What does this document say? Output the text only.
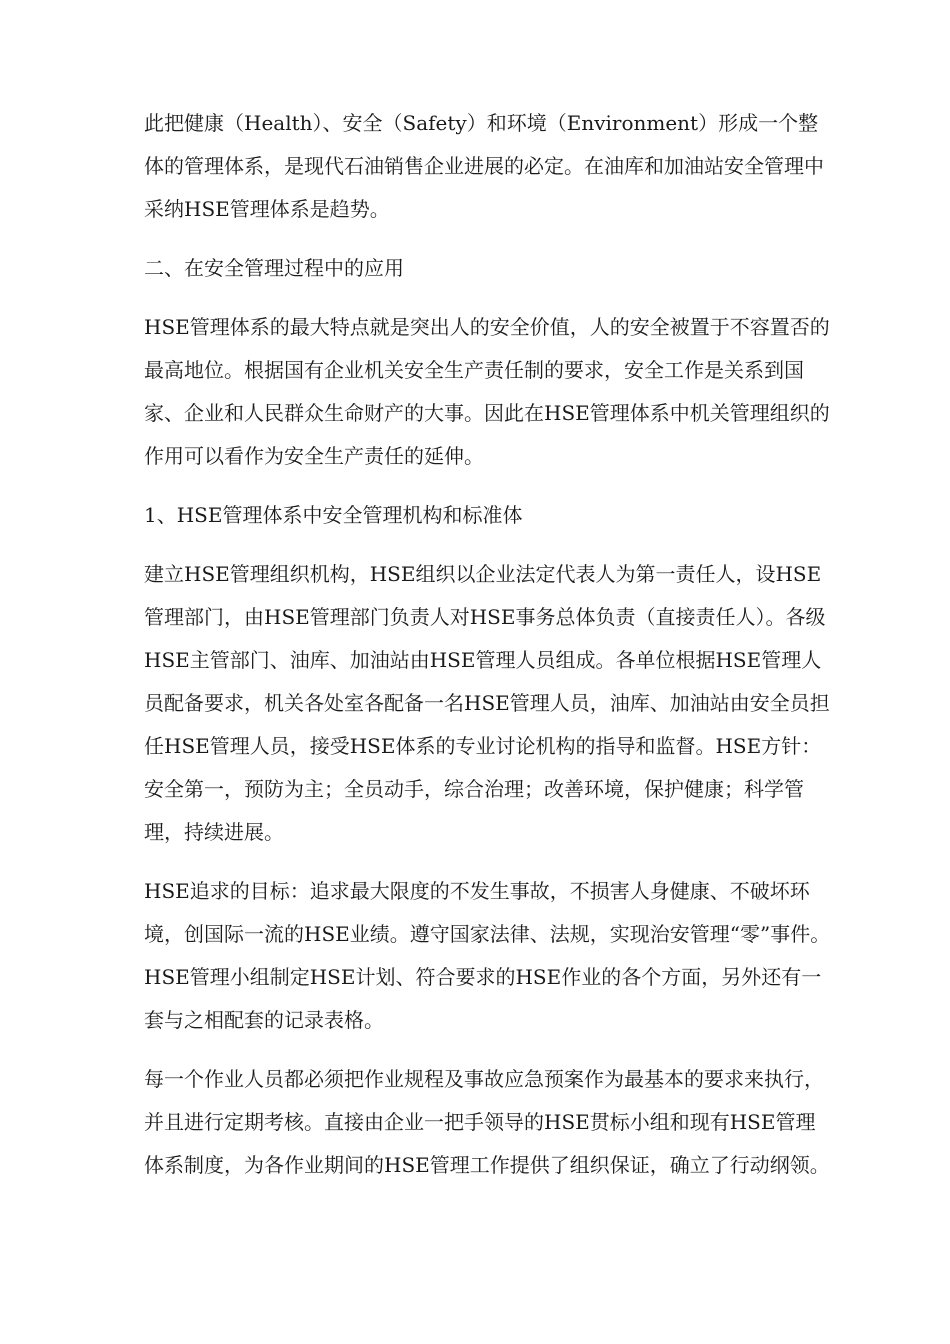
此把健康（Health）、安全（Safety）和环境（Environment）形成一个整体的管理体系，是现代石油销售企业进展的必定。在油库和加油站安全管理中采纳HSE管理体系是趋势。

二、在安全管理过程中的应用

HSE管理体系的最大特点就是突出人的安全价值，人的安全被置于不容置否的最高地位。根据国有企业机关安全生产责任制的要求，安全工作是关系到国家、企业和人民群众生命财产的大事。因此在HSE管理体系中机关管理组织的作用可以看作为安全生产责任的延伸。

1、HSE管理体系中安全管理机构和标准体

建立HSE管理组织机构，HSE组织以企业法定代表人为第一责任人，设HSE管理部门，由HSE管理部门负责人对HSE事务总体负责（直接责任人）。各级HSE主管部门、油库、加油站由HSE管理人员组成。各单位根据HSE管理人员配备要求，机关各处室各配备一名HSE管理人员，油库、加油站由安全员担任HSE管理人员，接受HSE体系的专业讨论机构的指导和监督。HSE方针：安全第一，预防为主；全员动手，综合治理；改善环境，保护健康；科学管理，持续进展。

HSE追求的目标：追求最大限度的不发生事故，不损害人身健康、不破坏环境，创国际一流的HSE业绩。遵守国家法律、法规，实现治安管理“零”事件。HSE管理小组制定HSE计划、符合要求的HSE作业的各个方面，另外还有一套与之相配套的记录表格。

每一个作业人员都必须把作业规程及事故应急预案作为最基本的要求来执行，并且进行定期考核。直接由企业一把手领导的HSE贯标小组和现有HSE管理体系制度，为各作业期间的HSE管理工作提供了组织保证，确立了行动纲领。
